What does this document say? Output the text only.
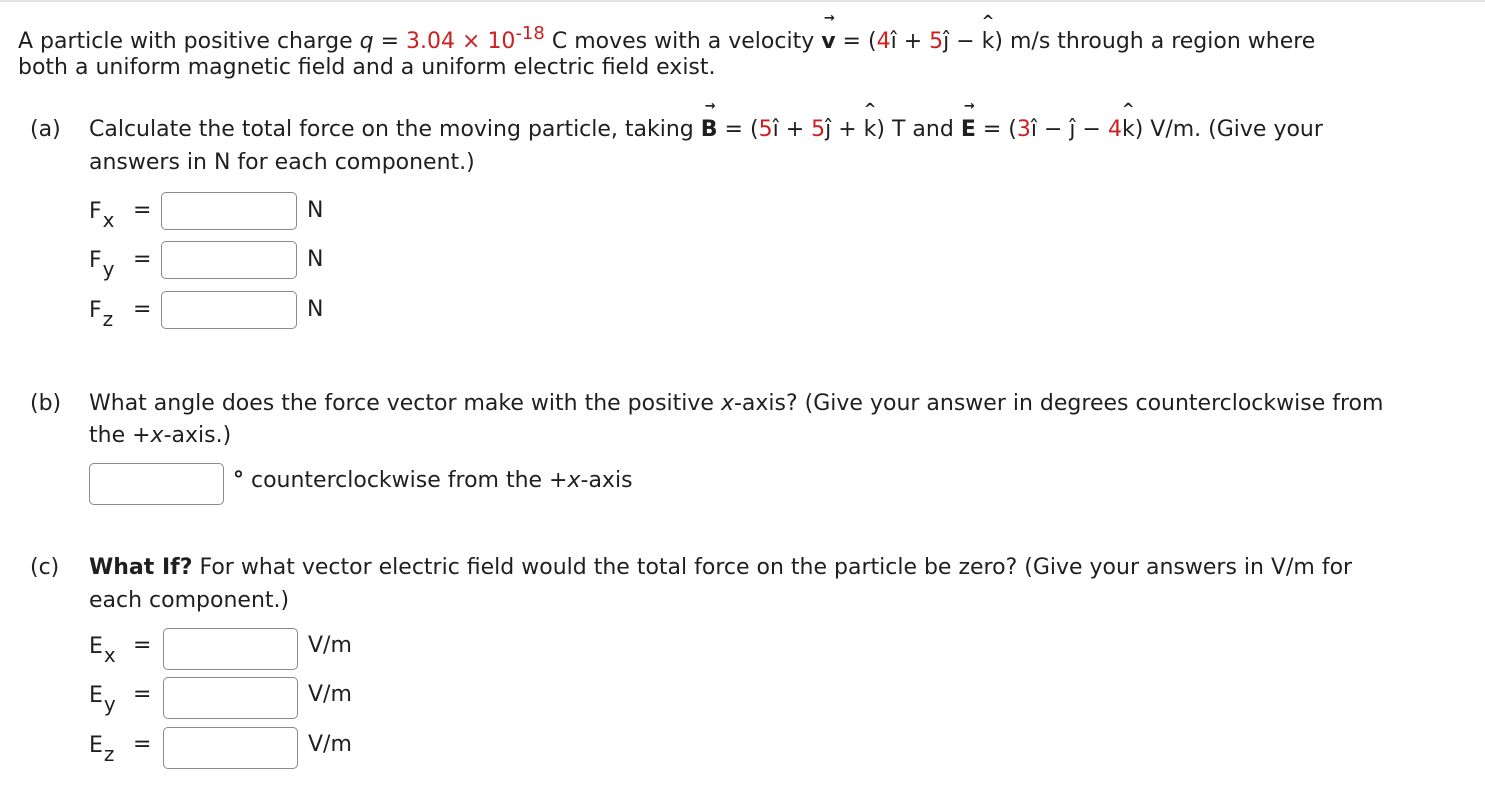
A particle with positive charge $q = 3.04 \times 10^{-18}$ C moves with a velocity v
→
= (4î + 5ĵ − k
^
) m/s through a region where
both a uniform magnetic field and a uniform electric field exist.
(a) Calculate the total force on the moving particle, taking B
→
= (5î + 5ĵ + k
^
) T and E
→
= (3î − ĵ − 4k
^
) V/m. (Give your
answers in N for each component.)
Fx =	N
Fy =	N
Fz =	N
(b) What angle does the force vector make with the positive x-axis? (Give your answer in degrees counterclockwise from
the +x-axis.)
° counterclockwise from the +x-axis
(c) What If? For what vector electric field would the total force on the particle be zero? (Give your answers in V/m for
each component.)
Ex =	V/m
Ey =	V/m
Ez =	V/m
